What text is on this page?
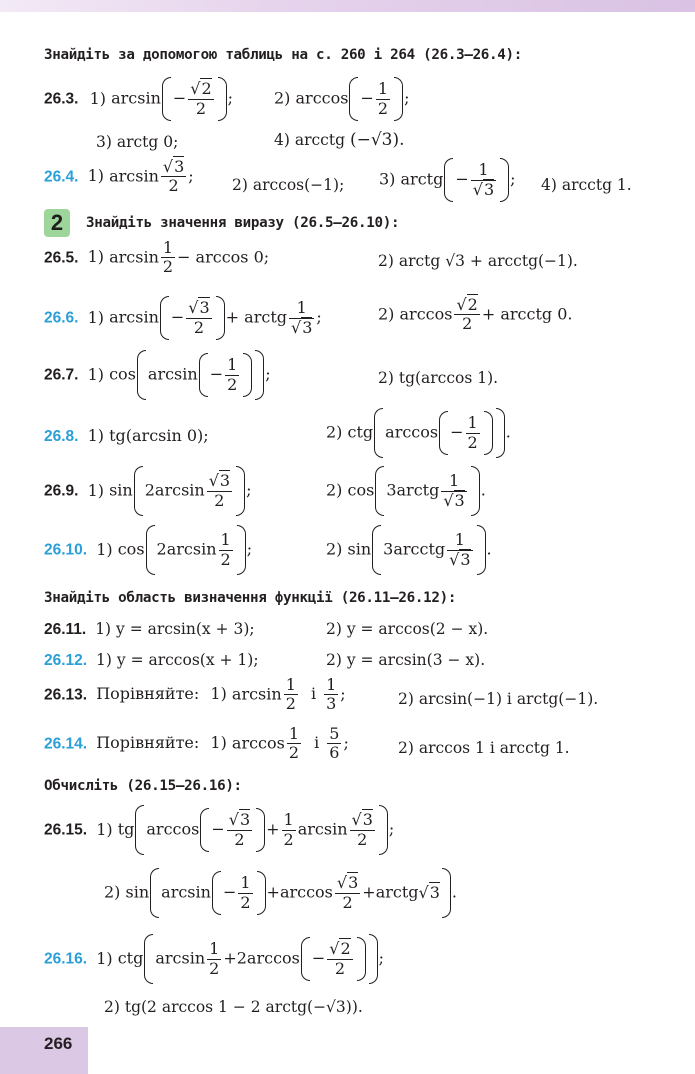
Знайдіть за допомогою таблиць на с. 260 і 264 (26.3–26.4):
26.3. 1) $\arcsin - \frac{√2}{2}$ ;	2) $\arccos - \frac{1}{2}$ ;
3) arctg 0;	4) arcctg (−√3).
26.4. 1) $\arcsin \frac{√3}{2}$ ; 2) arccos(−1); 3) arctg − $\frac{1}{√3}$ ; 4) arcctg 1.
2	Знайдіть значення виразу (26.5–26.10):
26.5. 1) $\arcsin \frac{1}{2} - \arccos 0$;	2) arctg √3 + arcctg(−1).
26.6. 1) $\arcsin - \frac{√3}{2}$ + arctg $\frac{1}{√3}$ ;	2) $\arccos \frac{√2}{2}$ + arcctg 0.
26.7. 1) $\cos \arcsin - \frac{1}{2}$ ;	2) tg(arccos 1).
26.8. 1) tg(arcsin 0);	2) ctg $\arccos - \frac{1}{2}$ .
26.9. 1) $\sin 2\arcsin \frac{√3}{2}$ ;	2) cos 3arctg $\frac{1}{√3}$ .
26.10. 1) $\cos 2\arcsin \frac{1}{2}$ ;	2) sin 3arcctg $\frac{1}{√3}$ .
Знайдіть область визначення функції (26.11–26.12):
26.11. 1) y = arcsin(x + 3);	2) y = arccos(2 − x).
26.12. 1) y = arccos(x + 1);	2) y = arcsin(3 − x).
26.13. Порівняйте: 1) $\arcsin \frac{1}{2}$ і $\frac{1}{3}$ ;	2) arcsin(−1) і arctg(−1).
26.14. Порівняйте: 1) $\arccos \frac{1}{2}$ і $\frac{5}{6}$ ;	2) arccos 1 і arcctg 1.
Обчисліть (26.15–26.16):
26.15. 1) tg $\arccos - \frac{√3}{2} + \frac{1}{2}$ $\arcsin \frac{√3}{2}$ ;
2) $\sin \arcsin - \frac{1}{2} +\arccos \frac{√3}{2}$ +arctg√3 .
26.16. 1) ctg $\arcsin \frac{1}{2} +2\arccos - \frac{√2}{2}$ ;
2) tg(2 arccos 1 − 2 arctg(−√3)).
266
